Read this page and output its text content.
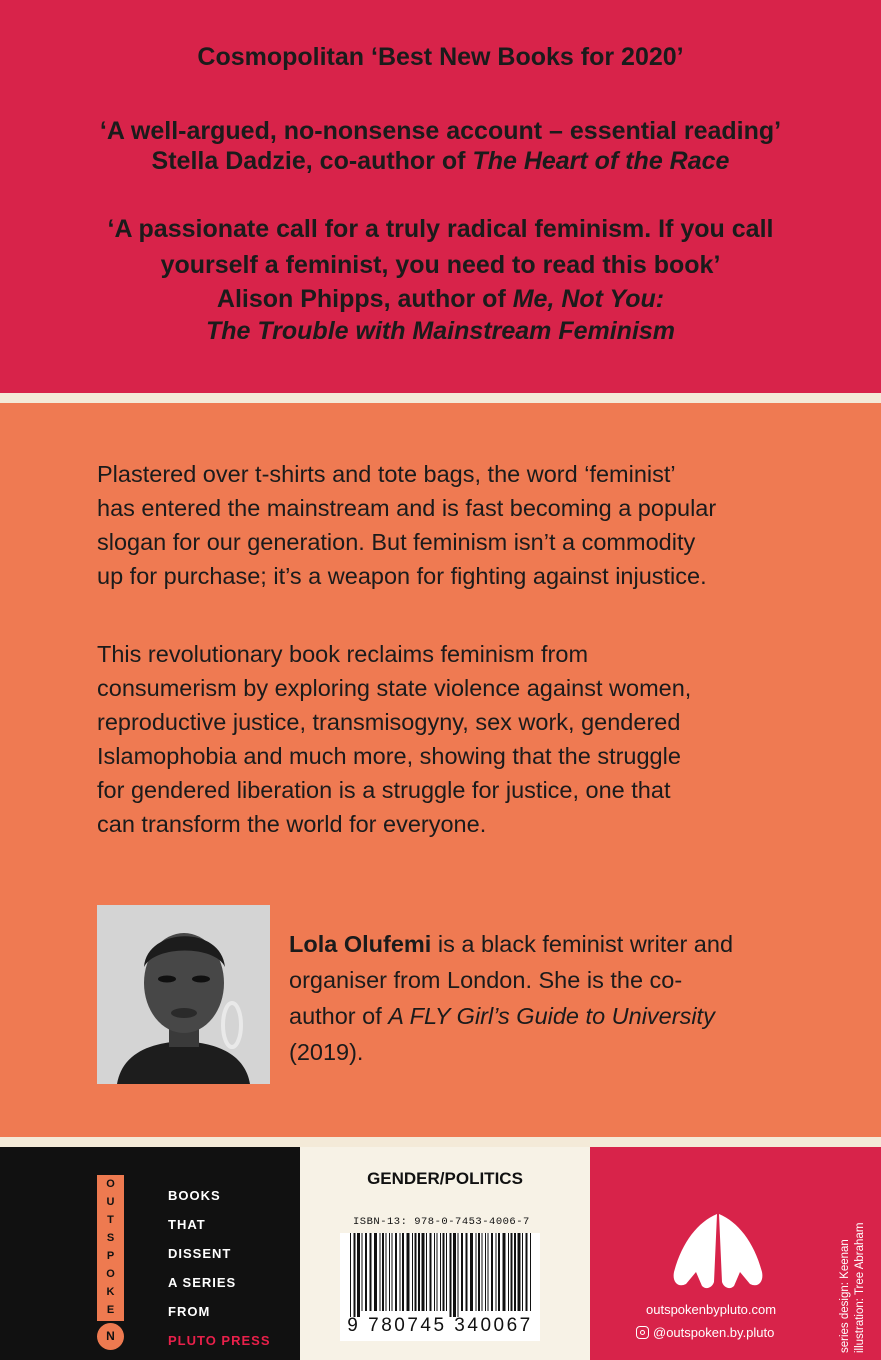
Cosmopolitan ‘Best New Books for 2020’
‘A well-argued, no-nonsense account – essential reading’
Stella Dadzie, co-author of The Heart of the Race
‘A passionate call for a truly radical feminism. If you call
yourself a feminist, you need to read this book’
Alison Phipps, author of Me, Not You:
The Trouble with Mainstream Feminism
Plastered over t-shirts and tote bags, the word ‘feminist’
has entered the mainstream and is fast becoming a popular
slogan for our generation. But feminism isn’t a commodity
up for purchase; it’s a weapon for fighting against injustice.
This revolutionary book reclaims feminism from
consumerism by exploring state violence against women,
reproductive justice, transmisogyny, sex work, gendered
Islamophobia and much more, showing that the struggle
for gendered liberation is a struggle for justice, one that
can transform the world for everyone.
Lola Olufemi is a black feminist writer and
organiser from London. She is the co-
author of A FLY Girl’s Guide to University
(2019).
O
U
T
S
P
O
K
E
N
BOOKS
THAT
DISSENT
A SERIES
FROM
PLUTO PRESS
GENDER/POLITICS
ISBN-13: 978-0-7453-4006-7
9 780745 340067
outspokenbypluto.com
@outspoken.by.pluto	series design: Keenan illustration: Tree Abraham
